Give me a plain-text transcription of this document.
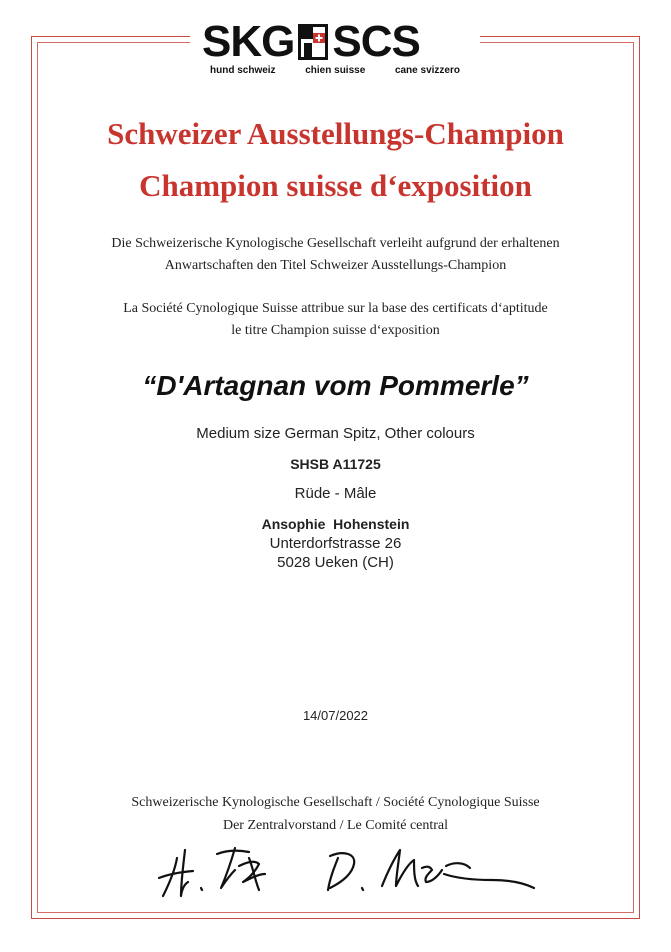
SKG SCS
hund schweiz	chien suisse	cane svizzero
Schweizer Ausstellungs-Champion
Champion suisse d‘exposition
Die Schweizerische Kynologische Gesellschaft verleiht aufgrund der erhaltenen
Anwartschaften den Titel Schweizer Ausstellungs-Champion
La Société Cynologique Suisse attribue sur la base des certificats d‘aptitude
le titre Champion suisse d‘exposition
“D'Artagnan vom Pommerle”
Medium size German Spitz, Other colours
SHSB A11725
Rüde - Mâle
Ansophie  Hohenstein
Unterdorfstrasse 26
5028 Ueken (CH)
14/07/2022
Schweizerische Kynologische Gesellschaft / Société Cynologique Suisse
Der Zentralvorstand / Le Comité central
